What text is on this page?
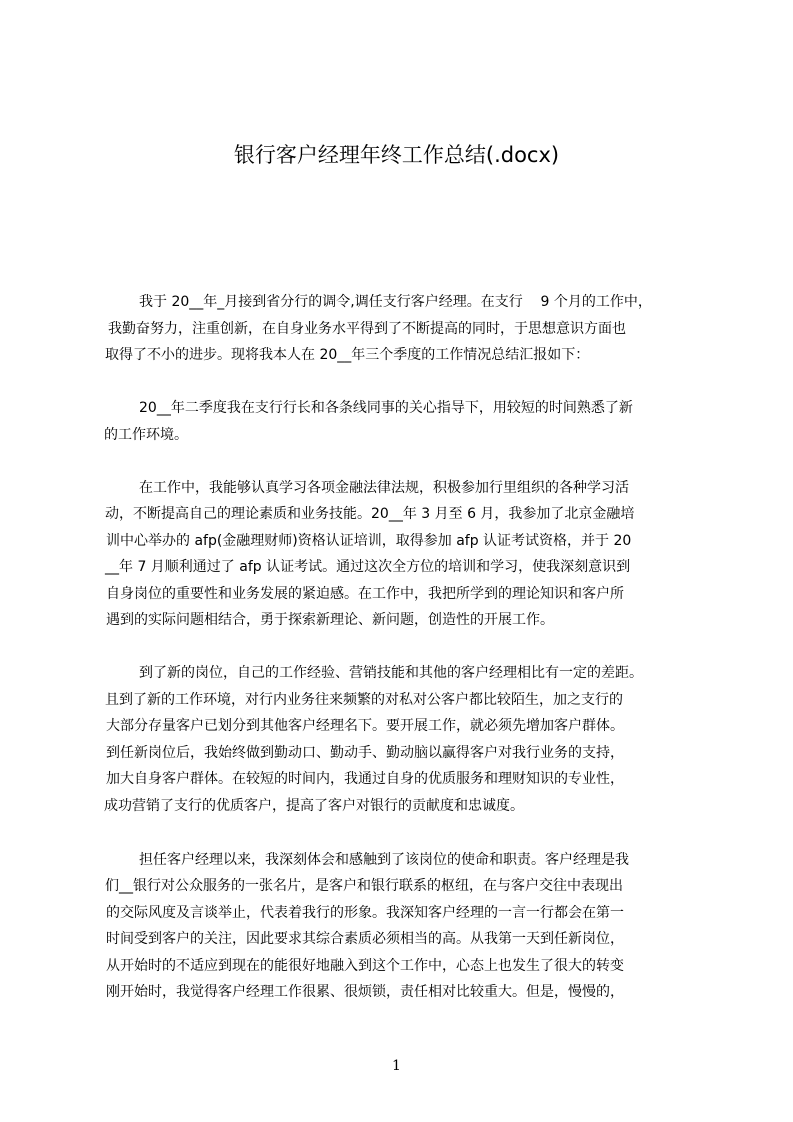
银行客户经理年终工作总结(.docx)
我于 20__年_月接到省分行的调令,调任支行客户经理。在支行    9 个月的工作中，
我勤奋努力，注重创新，在自身业务水平得到了不断提高的同时，于思想意识方面也
取得了不小的进步。现将我本人在 20__年三个季度的工作情况总结汇报如下：
20__年二季度我在支行行长和各条线同事的关心指导下，用较短的时间熟悉了新
的工作环境。
在工作中，我能够认真学习各项金融法律法规，积极参加行里组织的各种学习活
动，不断提高自己的理论素质和业务技能。20__年 3 月至 6 月，我参加了北京金融培
训中心举办的 afp(金融理财师)资格认证培训，取得参加 afp 认证考试资格，并于 20
__年 7 月顺利通过了 afp 认证考试。通过这次全方位的培训和学习，使我深刻意识到
自身岗位的重要性和业务发展的紧迫感。在工作中，我把所学到的理论知识和客户所
遇到的实际问题相结合，勇于探索新理论、新问题，创造性的开展工作。
到了新的岗位，自己的工作经验、营销技能和其他的客户经理相比有一定的差距。
且到了新的工作环境，对行内业务往来频繁的对私对公客户都比较陌生，加之支行的
大部分存量客户已划分到其他客户经理名下。要开展工作，就必须先增加客户群体。
到任新岗位后，我始终做到勤动口、勤动手、勤动脑以赢得客户对我行业务的支持，
加大自身客户群体。在较短的时间内，我通过自身的优质服务和理财知识的专业性，
成功营销了支行的优质客户，提高了客户对银行的贡献度和忠诚度。
担任客户经理以来，我深刻体会和感触到了该岗位的使命和职责。客户经理是我
们__银行对公众服务的一张名片，是客户和银行联系的枢纽，在与客户交往中表现出
的交际风度及言谈举止，代表着我行的形象。我深知客户经理的一言一行都会在第一
时间受到客户的关注，因此要求其综合素质必须相当的高。从我第一天到任新岗位，
从开始时的不适应到现在的能很好地融入到这个工作中，心态上也发生了很大的转变
刚开始时，我觉得客户经理工作很累、很烦锁，责任相对比较重大。但是，慢慢的，
1
